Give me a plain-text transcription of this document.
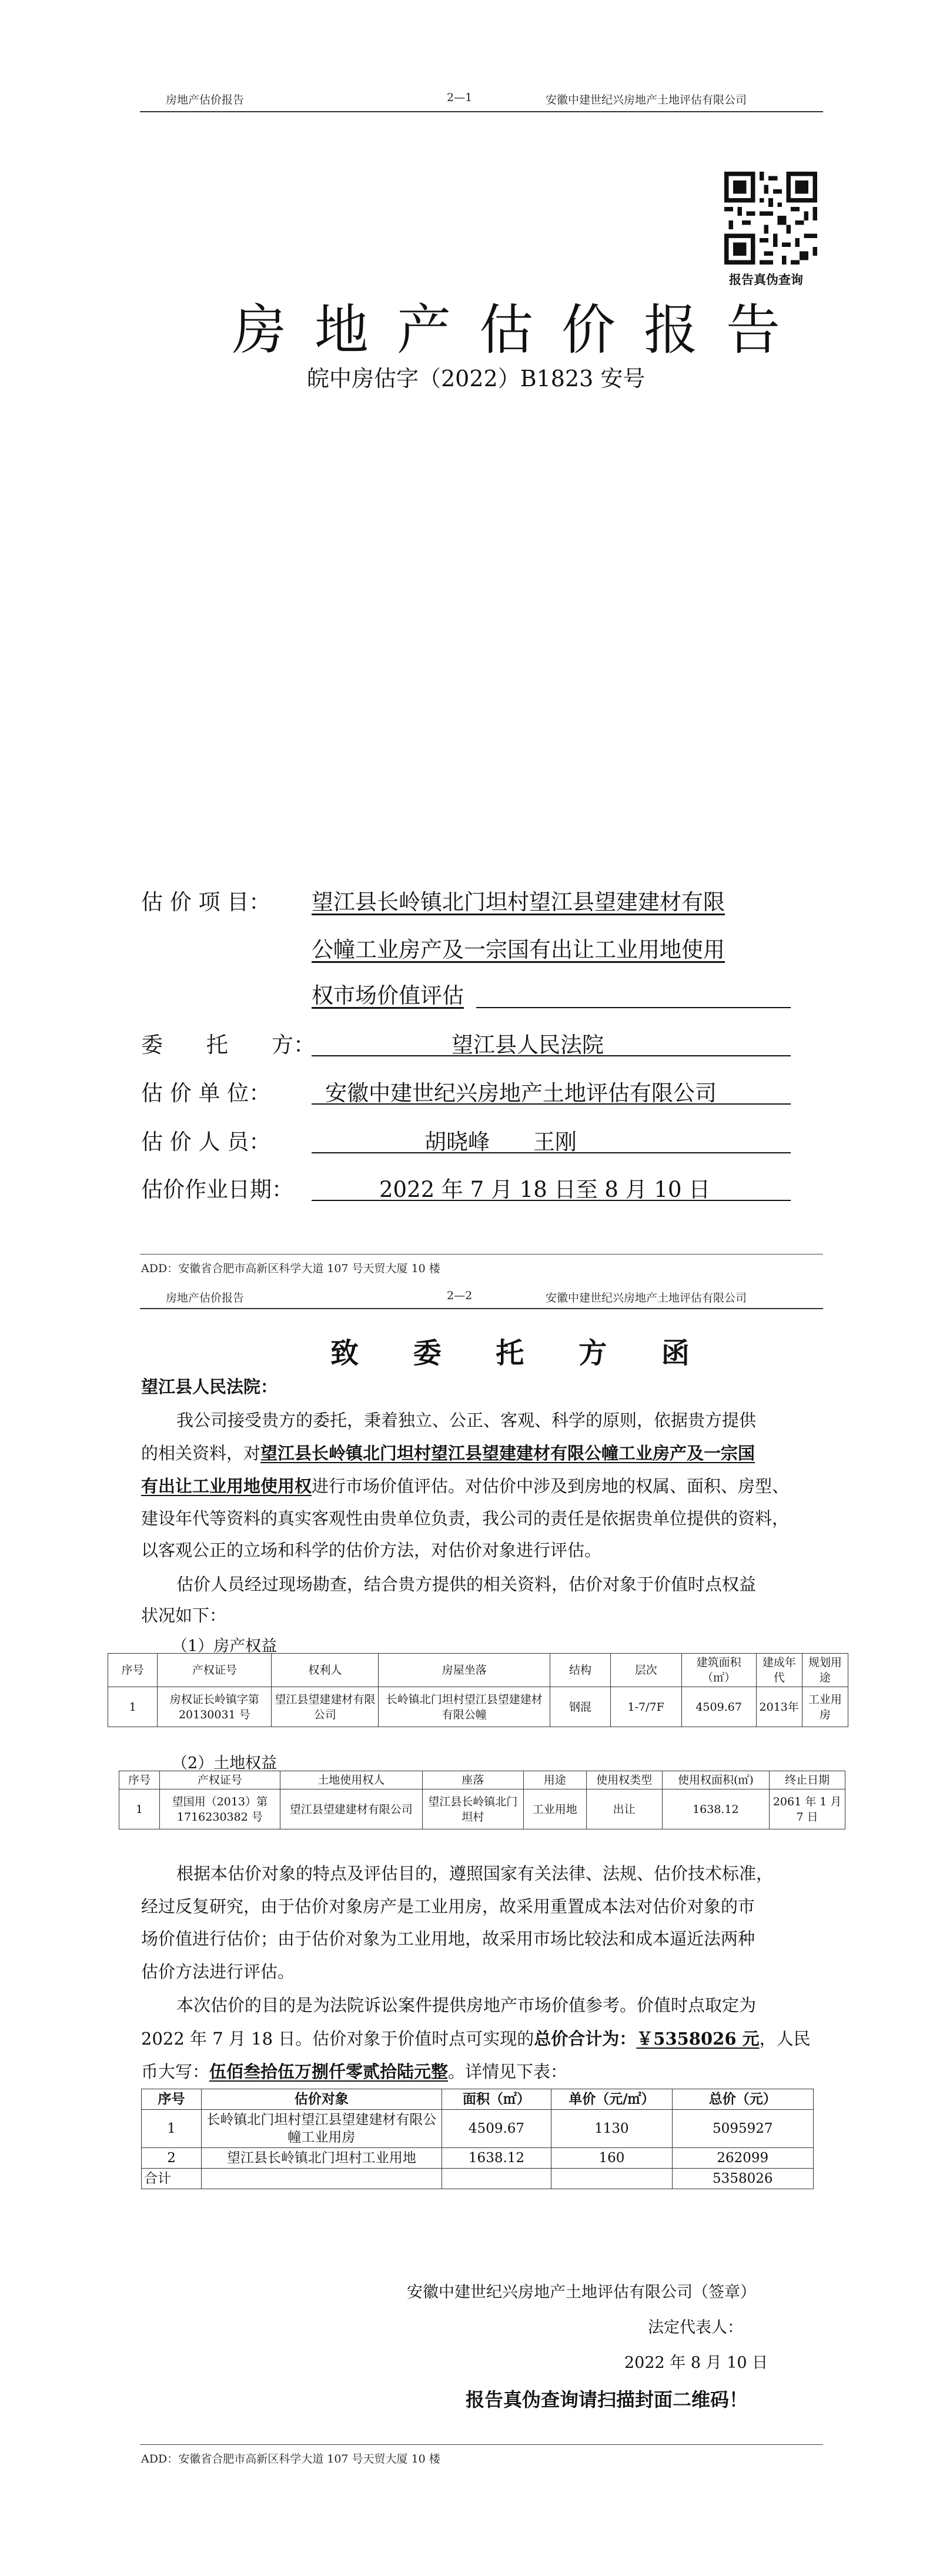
房地产估价报告	2—1	安徽中建世纪兴房地产土地评估有限公司
报告真伪查询
房地产估价报告
皖中房估字（2022）B1823 安号
估 价 项 目： 望江县长岭镇北门坦村望江县望建建材有限
公幢工业房产及一宗国有出让工业用地使用
权市场价值评估
委　　托　　方：	望江县人民法院
估 价 单 位：	安徽中建世纪兴房地产土地评估有限公司
估 价 人 员：	胡晓峰　　王刚
估价作业日期：	2022 年 7 月 18 日至 8 月 10 日
ADD：安徽省合肥市高新区科学大道 107 号天贸大厦 10 楼
房地产估价报告	2—2	安徽中建世纪兴房地产土地评估有限公司
致 委 托 方 函
望江县人民法院：
我公司接受贵方的委托，秉着独立、公正、客观、科学的原则，依据贵方提供
的相关资料，对望江县长岭镇北门坦村望江县望建建材有限公幢工业房产及一宗国
有出让工业用地使用权进行市场价值评估。对估价中涉及到房地的权属、面积、房型、
建设年代等资料的真实客观性由贵单位负责，我公司的责任是依据贵单位提供的资料，
以客观公正的立场和科学的估价方法，对估价对象进行评估。
估价人员经过现场勘查，结合贵方提供的相关资料，估价对象于价值时点权益
状况如下：
（1）房产权益
序号	产权证号	权利人	房屋坐落	结构	层次	建筑面积（㎡）	建成年代	规划用途
1	房权证长岭镇字第 20130031 号	望江县望建建材有限公司	长岭镇北门坦村望江县望建建材有限公幢	钢混	1-7/7F	4509.67	2013年	工业用房
（2）土地权益
序号	产权证号	土地使用权人	座落	用途	使用权类型	使用权面积(㎡)	终止日期
1	望国用（2013）第 1716230382 号	望江县望建建材有限公司	望江县长岭镇北门坦村	工业用地	出让	1638.12	2061 年 1 月 7 日
根据本估价对象的特点及评估目的，遵照国家有关法律、法规、估价技术标准，
经过反复研究，由于估价对象房产是工业用房，故采用重置成本法对估价对象的市
场价值进行估价；由于估价对象为工业用地，故采用市场比较法和成本逼近法两种
估价方法进行评估。
本次估价的目的是为法院诉讼案件提供房地产市场价值参考。价值时点取定为
2022 年 7 月 18 日。估价对象于价值时点可实现的总价合计为：￥5358026 元，人民
币大写：伍佰叁拾伍万捌仟零贰拾陆元整。详情见下表：
序号	估价对象	面积（㎡）	单价（元/㎡）	总价（元）
1	长岭镇北门坦村望江县望建建材有限公幢工业用房	4509.67	1130	5095927
2	望江县长岭镇北门坦村工业用地	1638.12	160	262099
合计				5358026
安徽中建世纪兴房地产土地评估有限公司（签章）
法定代表人：
2022 年 8 月 10 日
报告真伪查询请扫描封面二维码！
ADD：安徽省合肥市高新区科学大道 107 号天贸大厦 10 楼
